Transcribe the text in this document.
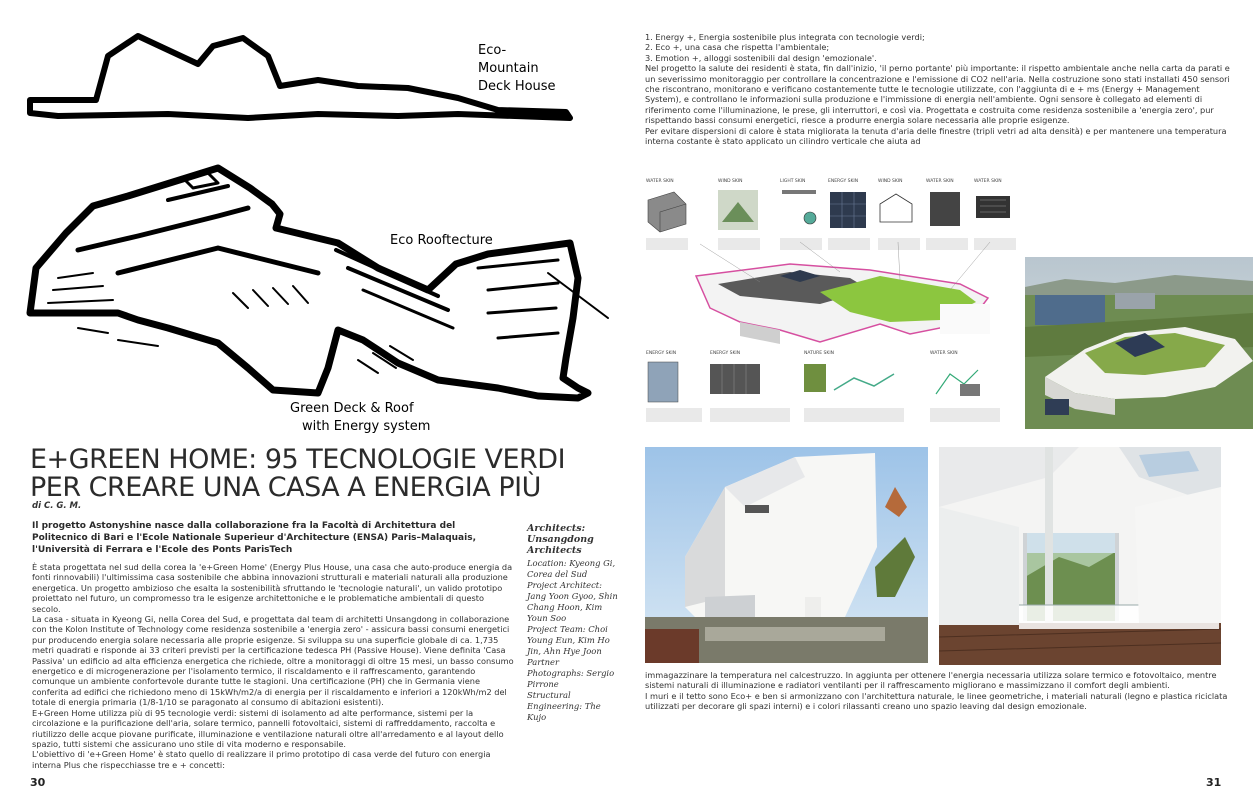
Eco-
Mountain
Deck House
Eco Rooftecture
Green Deck & Roof
with Energy system
E+GREEN HOME: 95 TECNOLOGIE VERDI PER CREARE UNA CASA A ENERGIA PIÙ
di C. G. M.

Il progetto Astonyshine nasce dalla collaborazione fra la Facoltà di Architettura del Politecnico di Bari e l'Ecole Nationale Superieur d'Architecture (ENSA) Paris–Malaquais, l'Università di Ferrara e l'Ecole des Ponts ParisTech

È stata progettata nel sud della corea la 'e+Green Home' (Energy Plus House, una casa che auto-produce energia da fonti rinnovabili) l'ultimissima casa sostenibile che abbina innovazioni strutturali e materiali naturali alla produzione energetica. Un progetto ambizioso che esalta la sostenibilità sfruttando le 'tecnologie naturali', un valido prototipo proiettato nel futuro, un compromesso tra le esigenze architettoniche e le problematiche ambientali di questo secolo.

La casa - situata in Kyeong Gi, nella Corea del Sud, e progettata dal team di architetti Unsangdong in collaborazione con the Kolon Institute of Technology come residenza sostenibile a 'energia zero' - assicura bassi consumi energetici pur producendo energia solare necessaria alle proprie esigenze. Si sviluppa su una superficie globale di ca. 1,735 metri quadrati e risponde ai 33 criteri previsti per la certificazione tedesca PH (Passive House). Viene definita 'Casa Passiva' un edificio ad alta efficienza energetica che richiede, oltre a monitoraggi di oltre 15 mesi, un basso consumo energetico e di microgenerazione per l'isolamento termico, il riscaldamento e il raffrescamento, garantendo comunque un ambiente confortevole durante tutte le stagioni. Una certificazione (PH) che in Germania viene conferita ad edifici che richiedono meno di 15kWh/m2/a di energia per il riscaldamento e inferiori a 120kWh/m2 del totale di energia primaria (1/8-1/10 se paragonato al consumo di abitazioni esistenti).

E+Green Home utilizza più di 95 tecnologie verdi: sistemi di isolamento ad alte performance, sistemi per la circolazione e la purificazione dell'aria, solare termico, pannelli fotovoltaici, sistemi di raffreddamento, raccolta e riutilizzo delle acque piovane purificate, illuminazione e ventilazione naturali oltre all'arredamento e al layout dello spazio, tutti sistemi che assicurano uno stile di vita moderno e responsabile.

L'obiettivo di 'e+Green Home' è stato quello di realizzare il primo prototipo di casa verde del futuro con energia interna Plus che rispecchiasse tre e + concetti:

Architects: Unsangdong Architects

Location: Kyeong Gi, Corea del Sud

Project Architect: Jang Yoon Gyoo, Shin Chang Hoon, Kim Youn Soo

Project Team: Choi Young Eun, Kim Ho Jin, Ahn Hye Joon Partner

Photographs: Sergio Pirrone

Structural Engineering: The Kujo

30

1. Energy +, Energia sostenibile plus integrata con tecnologie verdi;

2. Eco +, una casa che rispetta l'ambientale;

3. Emotion +, alloggi sostenibili dal design 'emozionale'.

Nel progetto la salute dei residenti è stata, fin dall'inizio, 'il perno portante' più importante: il rispetto ambientale anche nella carta da parati e un severissimo monitoraggio per controllare la concentrazione e l'emissione di CO2 nell'aria. Nella costruzione sono stati installati 450 sensori che riscontrano, monitorano e verificano costantemente tutte le tecnologie utilizzate, con l'aggiunta di e + ms (Energy + Management System), e controllano le informazioni sulla produzione e l'immissione di energia nell'ambiente. Ogni sensore è collegato ad elementi di riferimento come l'illuminazione, le prese, gli interruttori, e così via. Progettata e costruita come residenza sostenibile a 'energia zero', pur rispettando bassi consumi energetici, riesce a produrre energia solare necessaria alle proprie esigenze.

Per evitare dispersioni di calore è stata migliorata la tenuta d'aria delle finestre (tripli vetri ad alta densità) e per mantenere una temperatura interna costante è stato applicato un cilindro verticale che aiuta ad

WATER SKIN	WIND SKIN	LIGHT SKIN	ENERGY SKIN	WIND SKIN	WATER SKIN	WATER SKIN
ENERGY SKIN	ENERGY SKIN	NATURE SKIN	WATER SKIN

immagazzinare la temperatura nel calcestruzzo. In aggiunta per ottenere l'energia necessaria utilizza solare termico e fotovoltaico, mentre sistemi naturali di illuminazione e radiatori ventilanti per il raffrescamento migliorano e massimizzano il comfort degli ambienti.

I muri e il tetto sono Eco+ e ben si armonizzano con l'architettura naturale, le linee geometriche, i materiali naturali (legno e plastica riciclata utilizzati per decorare gli spazi interni) e i colori rilassanti creano uno spazio leaving dal design emozionale.

31
